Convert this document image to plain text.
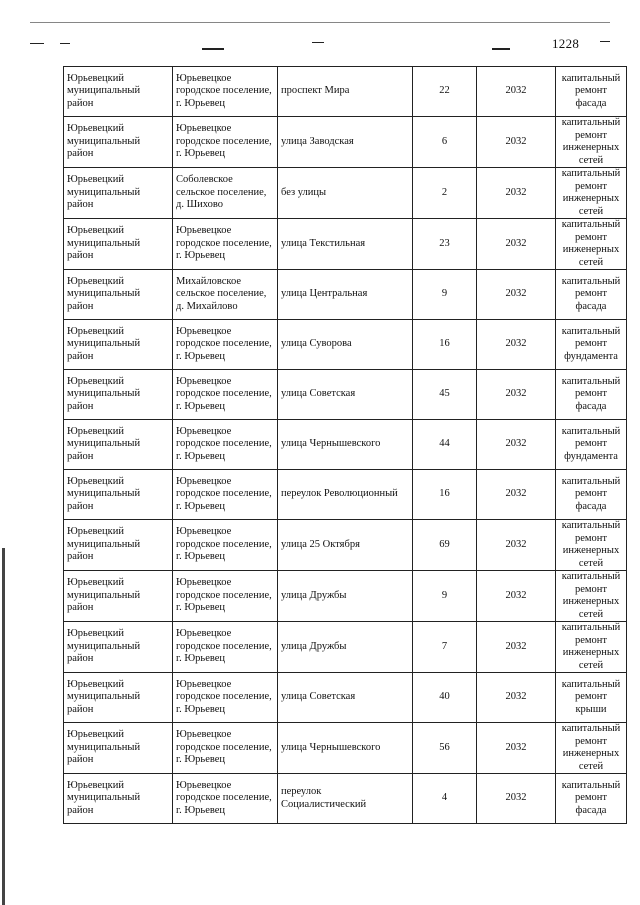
1228
Юрьевецкий муниципальный район	Юрьевецкое городское поселение, г. Юрьевец	проспект Мира	22	2032	капитальный ремонт фасада
Юрьевецкий муниципальный район	Юрьевецкое городское поселение, г. Юрьевец	улица Заводская	6	2032	капитальный ремонт инженерных сетей
Юрьевецкий муниципальный район	Соболевское сельское поселение, д. Шихово	без улицы	2	2032	капитальный ремонт инженерных сетей
Юрьевецкий муниципальный район	Юрьевецкое городское поселение, г. Юрьевец	улица Текстильная	23	2032	капитальный ремонт инженерных сетей
Юрьевецкий муниципальный район	Михайловское сельское поселение, д. Михайлово	улица Центральная	9	2032	капитальный ремонт фасада
Юрьевецкий муниципальный район	Юрьевецкое городское поселение, г. Юрьевец	улица Суворова	16	2032	капитальный ремонт фундамента
Юрьевецкий муниципальный район	Юрьевецкое городское поселение, г. Юрьевец	улица Советская	45	2032	капитальный ремонт фасада
Юрьевецкий муниципальный район	Юрьевецкое городское поселение, г. Юрьевец	улица Чернышевского	44	2032	капитальный ремонт фундамента
Юрьевецкий муниципальный район	Юрьевецкое городское поселение, г. Юрьевец	переулок Революционный	16	2032	капитальный ремонт фасада
Юрьевецкий муниципальный район	Юрьевецкое городское поселение, г. Юрьевец	улица 25 Октября	69	2032	капитальный ремонт инженерных сетей
Юрьевецкий муниципальный район	Юрьевецкое городское поселение, г. Юрьевец	улица Дружбы	9	2032	капитальный ремонт инженерных сетей
Юрьевецкий муниципальный район	Юрьевецкое городское поселение, г. Юрьевец	улица Дружбы	7	2032	капитальный ремонт инженерных сетей
Юрьевецкий муниципальный район	Юрьевецкое городское поселение, г. Юрьевец	улица Советская	40	2032	капитальный ремонт крыши
Юрьевецкий муниципальный район	Юрьевецкое городское поселение, г. Юрьевец	улица Чернышевского	56	2032	капитальный ремонт инженерных сетей
Юрьевецкий муниципальный район	Юрьевецкое городское поселение, г. Юрьевец	переулок Социалистический	4	2032	капитальный ремонт фасада
